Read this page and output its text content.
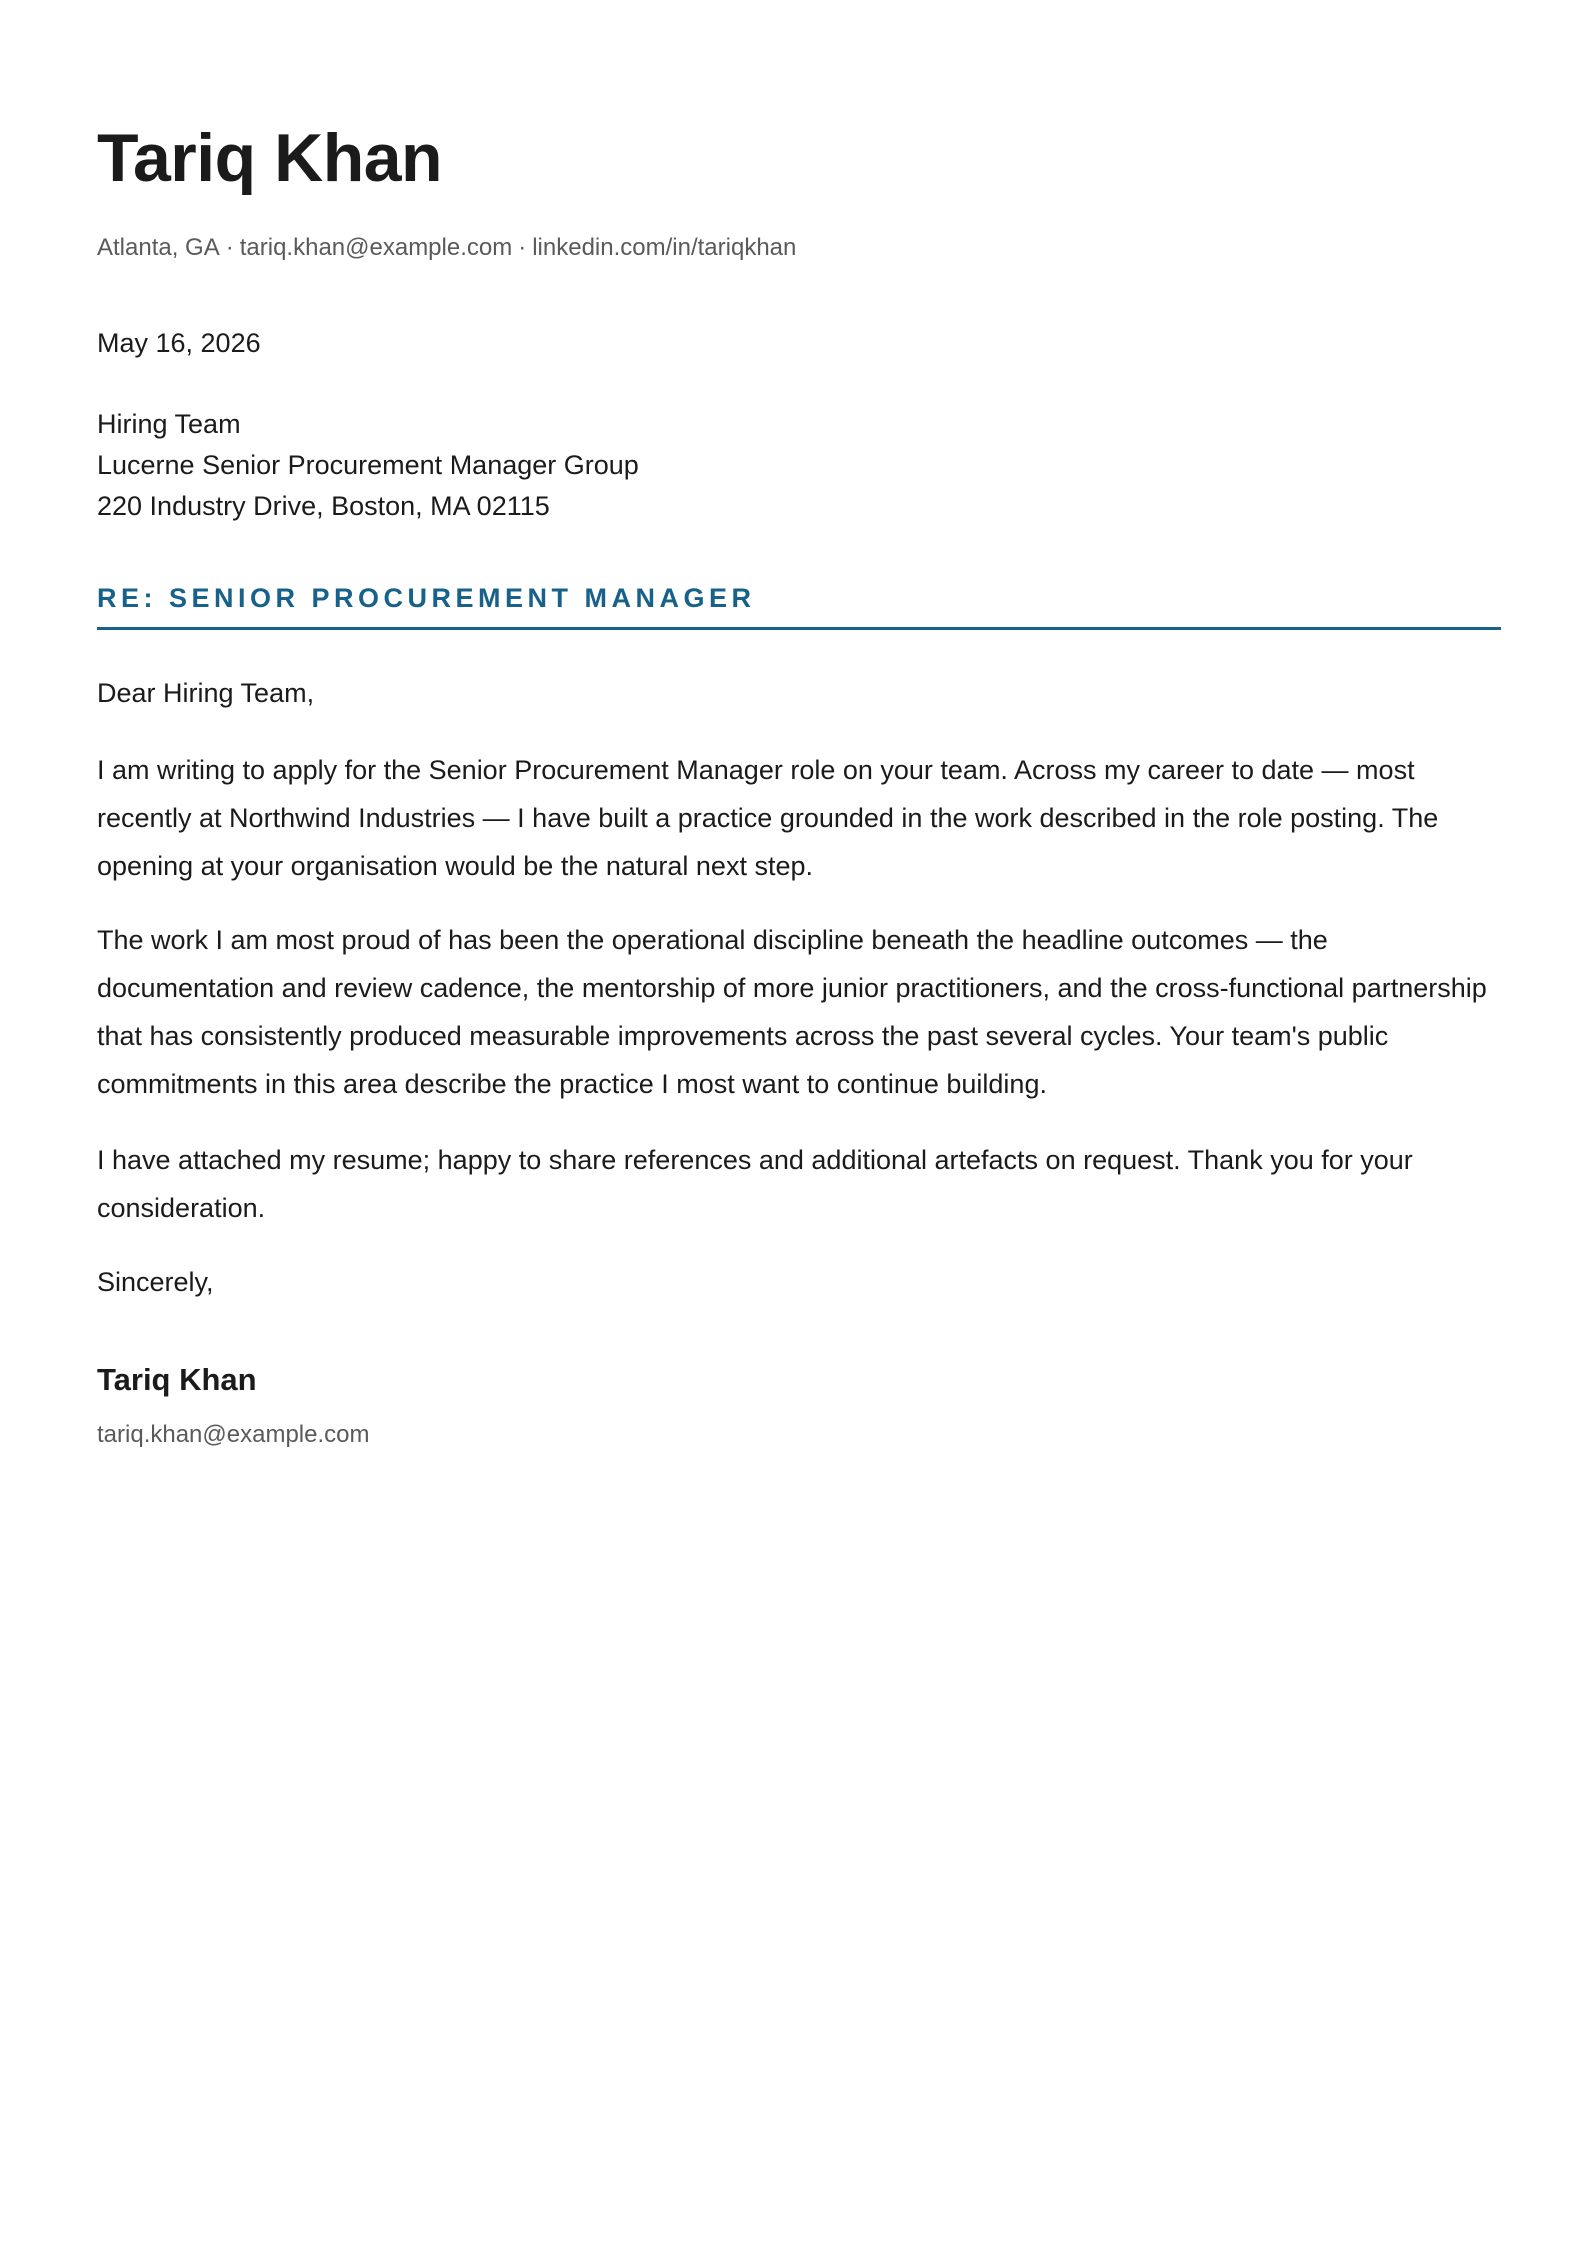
Tariq Khan
Atlanta, GA · tariq.khan@example.com · linkedin.com/in/tariqkhan
May 16, 2026
Hiring Team
Lucerne Senior Procurement Manager Group
220 Industry Drive, Boston, MA 02115
RE: SENIOR PROCUREMENT MANAGER

Dear Hiring Team,

I am writing to apply for the Senior Procurement Manager role on your team. Across my career to date — most recently at Northwind Industries — I have built a practice grounded in the work described in the role posting. The opening at your organisation would be the natural next step.

The work I am most proud of has been the operational discipline beneath the headline outcomes — the documentation and review cadence, the mentorship of more junior practitioners, and the cross-functional partnership that has consistently produced measurable improvements across the past several cycles. Your team's public commitments in this area describe the practice I most want to continue building.

I have attached my resume; happy to share references and additional artefacts on request. Thank you for your consideration.

Sincerely,

Tariq Khan
tariq.khan@example.com
